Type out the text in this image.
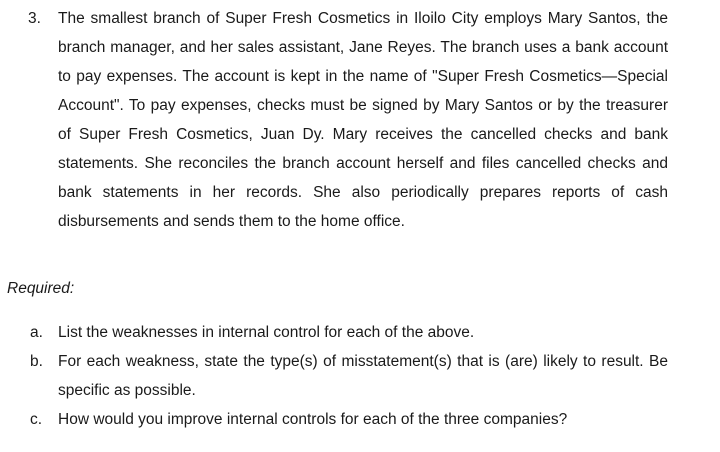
3. The smallest branch of Super Fresh Cosmetics in Iloilo City employs Mary Santos, the branch manager, and her sales assistant, Jane Reyes. The branch uses a bank account to pay expenses. The account is kept in the name of "Super Fresh Cosmetics—Special Account". To pay expenses, checks must be signed by Mary Santos or by the treasurer of Super Fresh Cosmetics, Juan Dy. Mary receives the cancelled checks and bank statements. She reconciles the branch account herself and files cancelled checks and bank statements in her records. She also periodically prepares reports of cash disbursements and sends them to the home office.
Required:
a. List the weaknesses in internal control for each of the above.
b. For each weakness, state the type(s) of misstatement(s) that is (are) likely to result. Be specific as possible.
c. How would you improve internal controls for each of the three companies?
